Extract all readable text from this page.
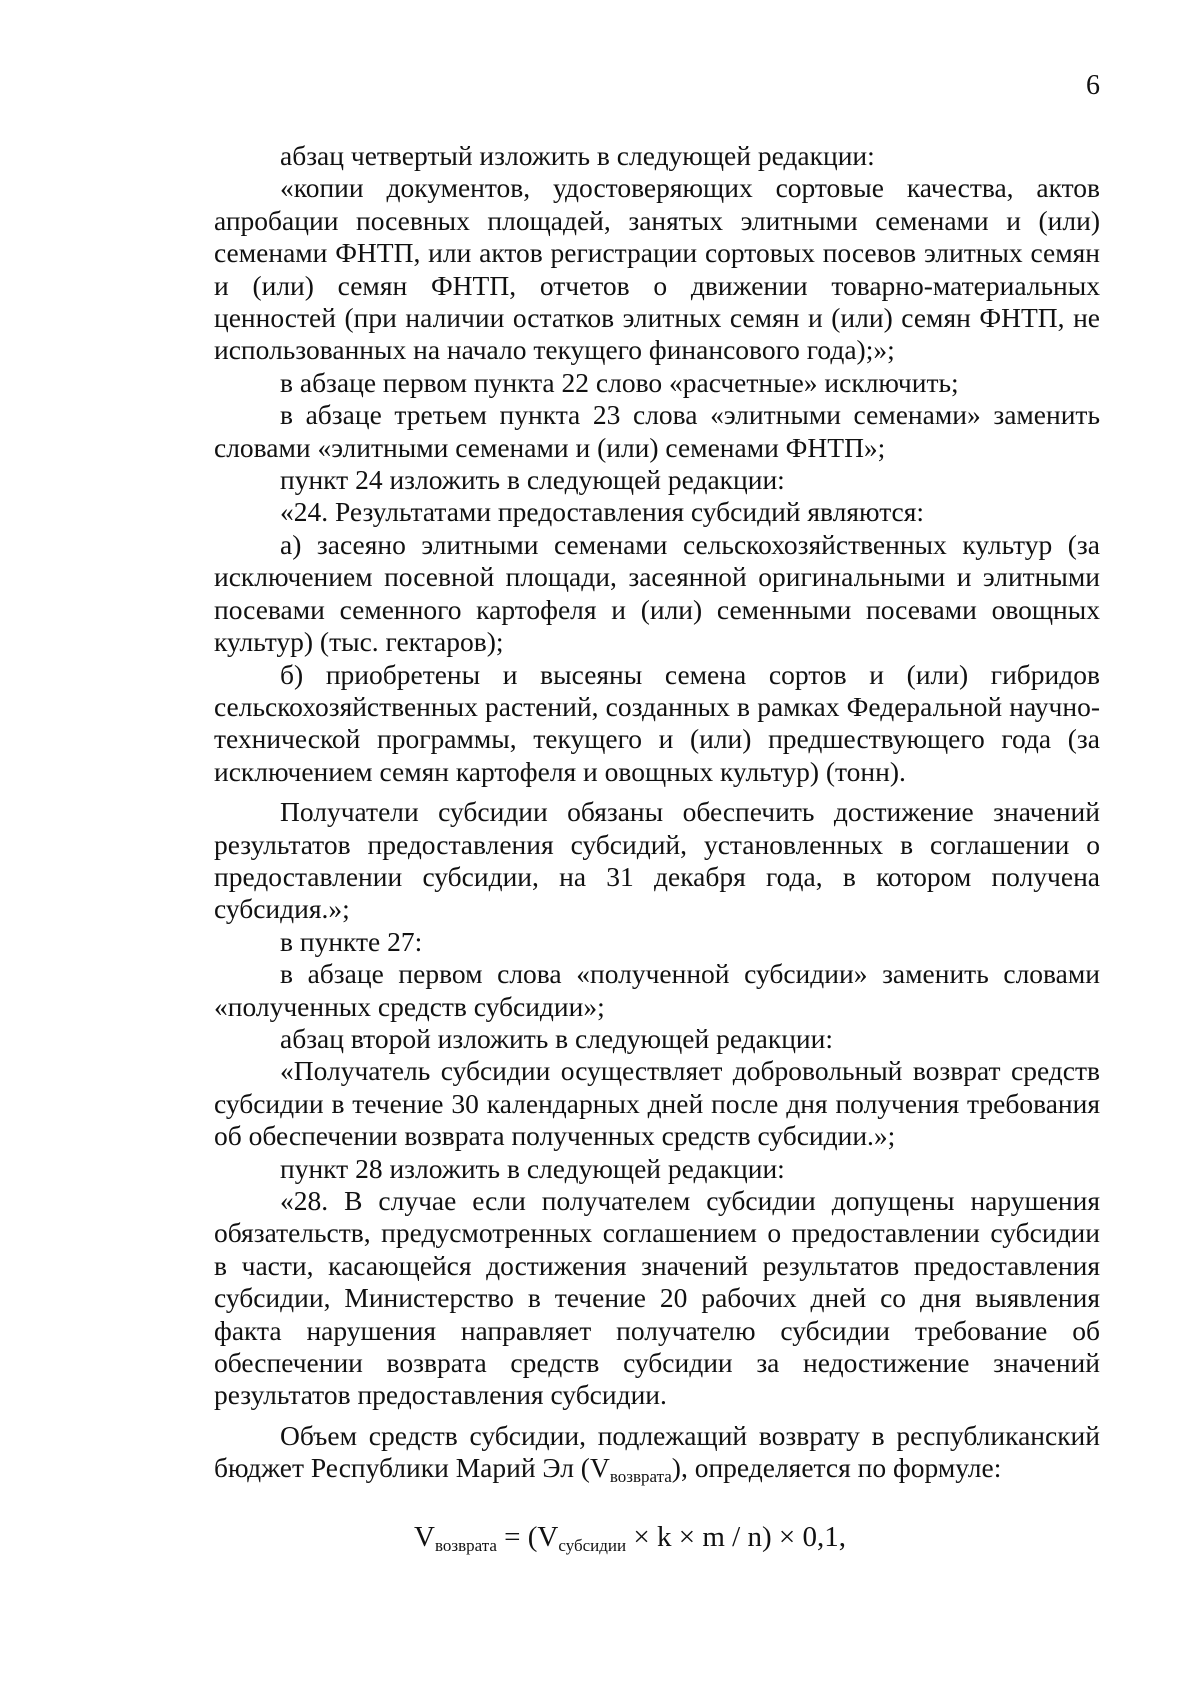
6

абзац четвертый изложить в следующей редакции:

«копии документов, удостоверяющих сортовые качества, актов апробации посевных площадей, занятых элитными семенами и (или) семенами ФНТП, или актов регистрации сортовых посевов элитных семян и (или) семян ФНТП, отчетов о движении товарно-материальных ценностей (при наличии остатков элитных семян и (или) семян ФНТП, не использованных на начало текущего финансового года);»;

в абзаце первом пункта 22 слово «расчетные» исключить;

в абзаце третьем пункта 23 слова «элитными семенами» заменить словами «элитными семенами и (или) семенами ФНТП»;

пункт 24 изложить в следующей редакции:

«24. Результатами предоставления субсидий являются:

а) засеяно элитными семенами сельскохозяйственных культур (за исключением посевной площади, засеянной оригинальными и элитными посевами семенного картофеля и (или) семенными посевами овощных культур) (тыс. гектаров);

б) приобретены и высеяны семена сортов и (или) гибридов сельскохозяйственных растений, созданных в рамках Федеральной научно-технической программы, текущего и (или) предшествующего года (за исключением семян картофеля и овощных культур) (тонн).

Получатели субсидии обязаны обеспечить достижение значений результатов предоставления субсидий, установленных в соглашении о предоставлении субсидии, на 31 декабря года, в котором получена субсидия.»;

в пункте 27:

в абзаце первом слова «полученной субсидии» заменить словами «полученных средств субсидии»;

абзац второй изложить в следующей редакции:

«Получатель субсидии осуществляет добровольный возврат средств субсидии в течение 30 календарных дней после дня получения требования об обеспечении возврата полученных средств субсидии.»;

пункт 28 изложить в следующей редакции:

«28. В случае если получателем субсидии допущены нарушения обязательств, предусмотренных соглашением о предоставлении субсидии в части, касающейся достижения значений результатов предоставления субсидии, Министерство в течение 20 рабочих дней со дня выявления факта нарушения направляет получателю субсидии требование об обеспечении возврата средств субсидии за недостижение значений результатов предоставления субсидии.

Объем средств субсидии, подлежащий возврату в республиканский бюджет Республики Марий Эл $(V_{возврата})$, определяется по формуле:

$V_{возврата} = (V_{субсидии} \times k \times m / n) \times 0,1$,
